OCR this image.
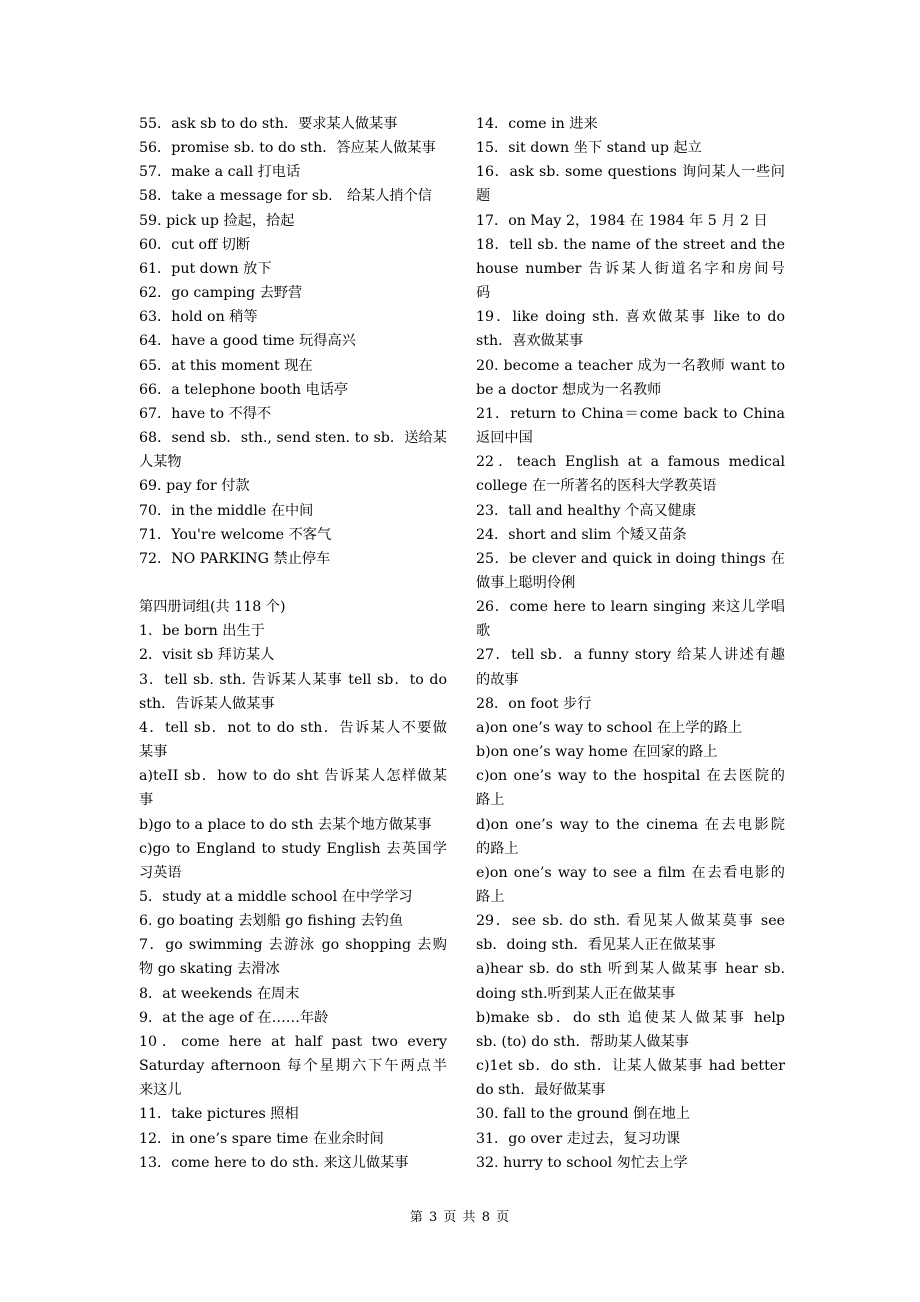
55．ask sb to do sth．要求某人做某事
56．promise sb. to do sth．答应某人做某事
57．make a call 打电话
58．take a message for sb． 给某人捎个信
59. pick up 捡起，拾起
60．cut off 切断
61．put down 放下
62．go camping 去野营
63．hold on 稍等
64．have a good time 玩得高兴
65．at this moment 现在
66．a telephone booth 电话亭
67．have to 不得不
68．send sb．sth., send sten. to sb．送给某
人某物
69. pay for 付款
70．in the middle 在中间
71．You're welcome 不客气
72．NO PARKING 禁止停车
第四册词组(共 118 个)
1．be born 出生于
2．visit sb 拜访某人
3．tell sb. sth. 告诉某人某事 tell sb．to do
sth．告诉某人做某事
4．tell sb．not to do sth．告诉某人不要做
某事
a)teII sb．how to do sht 告诉某人怎样做某
事
b)go to a place to do sth 去某个地方做某事
c)go to England to study English 去英国学
习英语
5．study at a middle school 在中学学习
6. go boating 去划船 go fishing 去钓鱼
7．go swimming 去游泳 go shopping 去购
物 go skating 去滑冰
8．at weekends 在周末
9．at the age of 在……年龄
10．come here at half past two every
Saturday afternoon 每个星期六下午两点半
来这儿
11．take pictures 照相
12．in one’s spare time 在业余时间
13．come here to do sth. 来这儿做某事
14．come in 进来
15．sit down 坐下 stand up 起立
16．ask sb. some questions 询问某人一些问
题
17．on May 2，1984 在 1984 年 5 月 2 日
18．tell sb. the name of the street and the
house number 告诉某人街道名字和房间号
码
19．like doing sth. 喜欢做某事 like to do
sth．喜欢做某事
20. become a teacher 成为一名教师 want to
be a doctor 想成为一名教师
21．return to China＝come back to China
返回中国
22．teach English at a famous medical
college 在一所著名的医科大学教英语
23．tall and healthy 个高又健康
24．short and slim 个矮又苗条
25．be clever and quick in doing things 在
做事上聪明伶俐
26．come here to learn singing 来这儿学唱
歌
27．tell sb．a funny story 给某人讲述有趣
的故事
28．on foot 步行
a)on one’s way to school 在上学的路上
b)on one’s way home 在回家的路上
c)on one’s way to the hospital 在去医院的
路上
d)on one’s way to the cinema 在去电影院
的路上
e)on one’s way to see a film 在去看电影的
路上
29．see sb. do sth. 看见某人做某莫事 see
sb．doing sth．看见某人正在做某事
a)hear sb. do sth 听到某人做某事 hear sb.
doing sth.听到某人正在做某事
b)make sb．do sth 追使某人做某事 help
sb. (to) do sth．帮助某人做某事
c)1et sb．do sth．让某人做某事 had better
do sth．最好做某事
30. fall to the ground 倒在地上
31．go over 走过去，复习功课
32. hurry to school 匆忙去上学
第 3 页 共 8 页
